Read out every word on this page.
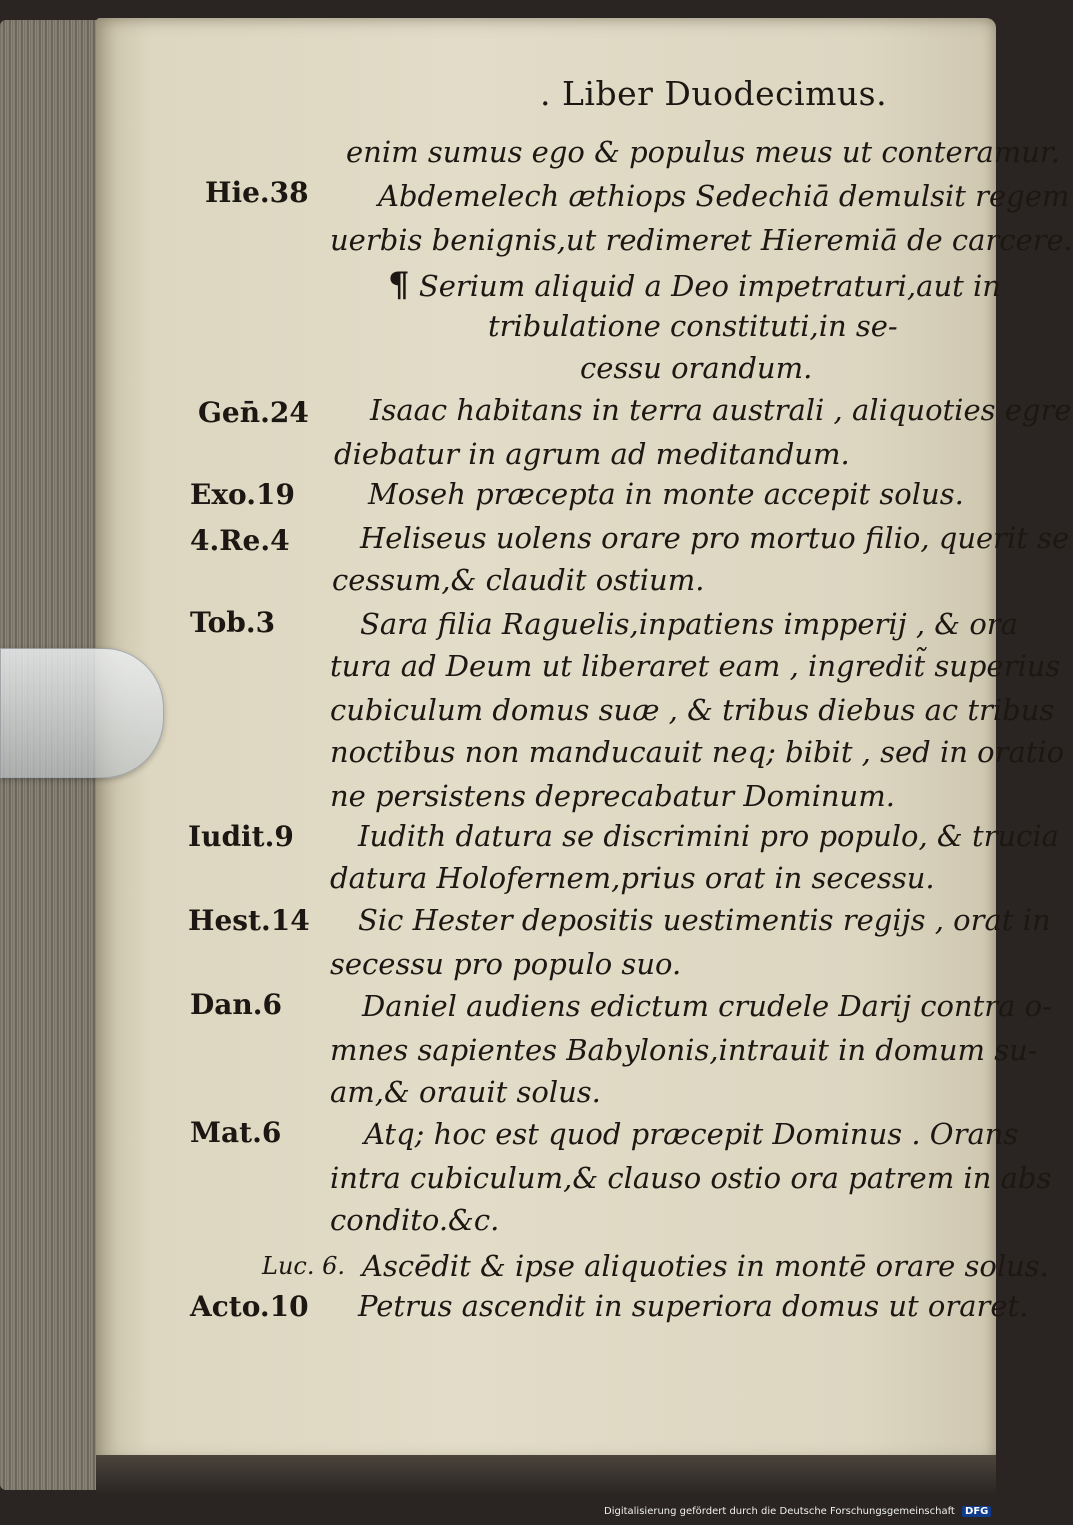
. Liber Duodecimus.
Hie.38
Gen̄.24
Exo.19
4.Re.4
Tob.3
Iudit.9
Hest.14
Dan.6
Mat.6
Luc. 6.
Acto.10
enim sumus ego & populus meus ut conteramur.
Abdemelech æthiops Sedechiā demulsit regem
uerbis benignis,ut redimeret Hieremiā de carcere.
¶ Serium aliquid a Deo impetraturi,aut in
tribulatione constituti,in se-
cessu orandum.
Isaac habitans in terra australi , aliquoties egre
diebatur in agrum ad meditandum.
Moseh præcepta in monte accepit solus.
Helisеus uolens orare pro mortuo filio, querit se
cessum,& claudit ostium.
Sara filia Raguelis,inpatiens impperij , & ora
tura ad Deum ut liberaret eam , ingredit̃ superius
cubiculum domus suæ , & tribus diebus ac tribus
noctibus non manducauit neq; bibit , sed in oratio
ne persistens deprecabatur Dominum.
Iudith datura se discrimini pro populo, & trucia
datura Holofernem,prius orat in secessu.
Sic Hester depositis uestimentis regijs , orat in
secessu pro populo suo.
Daniel audiens edictum crudele Darij contra o-
mnes sapientes Babylonis,intrauit in domum su-
am,& orauit solus.
Atq; hoc est quod præcepit Dominus . Orans
intra cubiculum,& clauso ostio ora patrem in abs
condito.&c.
Ascēdit & ipse aliquoties in montē orare solus.
Petrus ascendit in superiora domus ut oraret.
Digitalisierung gefördert durch die Deutsche Forschungsgemeinschaft DFG
